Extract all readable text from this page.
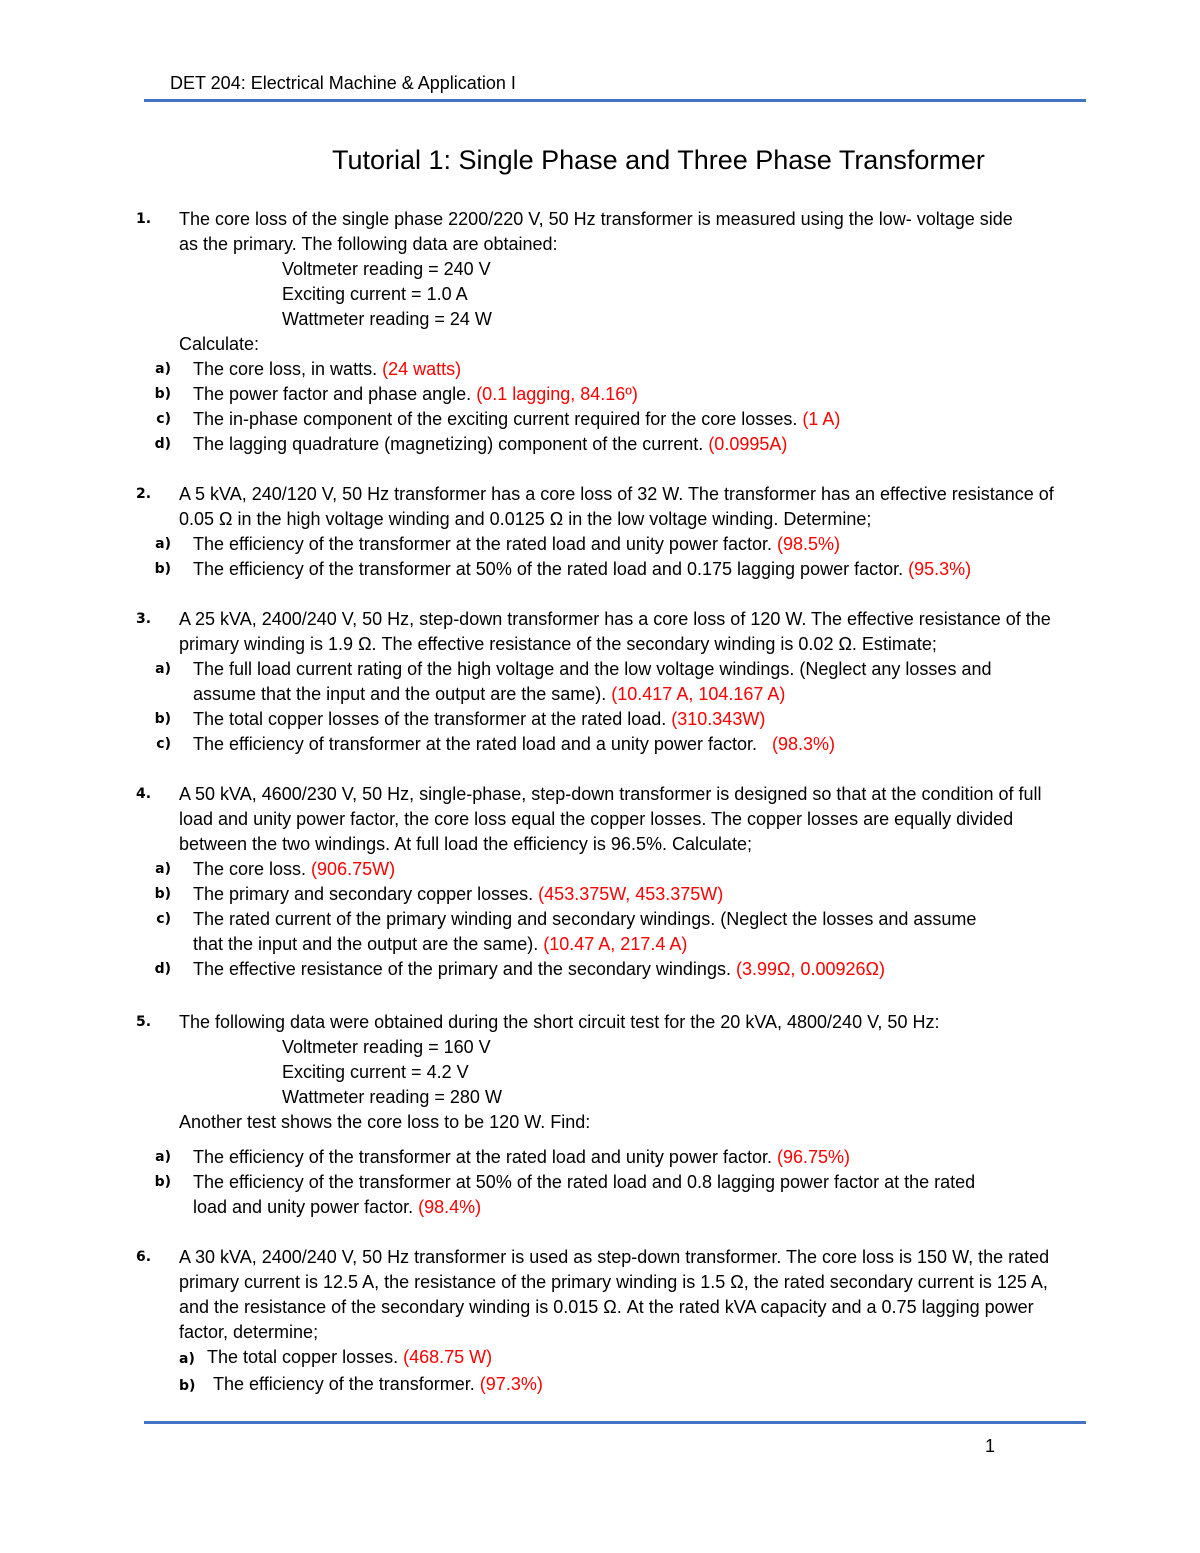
DET 204: Electrical Machine & Application I
Tutorial 1: Single Phase and Three Phase Transformer
1.	The core loss of the single phase 2200/220 V, 50 Hz transformer is measured using the low- voltage side
as the primary. The following data are obtained:
Voltmeter reading = 240 V
Exciting current = 1.0 A
Wattmeter reading = 24 W
Calculate:
a)	The core loss, in watts. (24 watts)
b)	The power factor and phase angle. (0.1 lagging, 84.16º)
c)	The in-phase component of the exciting current required for the core losses. (1 A)
d)	The lagging quadrature (magnetizing) component of the current. (0.0995A)
2.	A 5 kVA, 240/120 V, 50 Hz transformer has a core loss of 32 W. The transformer has an effective resistance of
0.05 Ω in the high voltage winding and 0.0125 Ω in the low voltage winding. Determine;
a)	The efficiency of the transformer at the rated load and unity power factor. (98.5%)
b)	The efficiency of the transformer at 50% of the rated load and 0.175 lagging power factor. (95.3%)
3.	A 25 kVA, 2400/240 V, 50 Hz, step-down transformer has a core loss of 120 W. The effective resistance of the
primary winding is 1.9 Ω. The effective resistance of the secondary winding is 0.02 Ω. Estimate;
a)	The full load current rating of the high voltage and the low voltage windings. (Neglect any losses and
assume that the input and the output are the same). (10.417 A, 104.167 A)
b)	The total copper losses of the transformer at the rated load. (310.343W)
c)	The efficiency of transformer at the rated load and a unity power factor.   (98.3%)
4.	A 50 kVA, 4600/230 V, 50 Hz, single-phase, step-down transformer is designed so that at the condition of full
load and unity power factor, the core loss equal the copper losses. The copper losses are equally divided
between the two windings. At full load the efficiency is 96.5%. Calculate;
a)	The core loss. (906.75W)
b)	The primary and secondary copper losses. (453.375W, 453.375W)
c)	The rated current of the primary winding and secondary windings. (Neglect the losses and assume
that the input and the output are the same). (10.47 A, 217.4 A)
d)	The effective resistance of the primary and the secondary windings. (3.99Ω, 0.00926Ω)
5.	The following data were obtained during the short circuit test for the 20 kVA, 4800/240 V, 50 Hz:
Voltmeter reading = 160 V
Exciting current = 4.2 V
Wattmeter reading = 280 W
Another test shows the core loss to be 120 W. Find:
a)	The efficiency of the transformer at the rated load and unity power factor. (96.75%)
b)	The efficiency of the transformer at 50% of the rated load and 0.8 lagging power factor at the rated
load and unity power factor. (98.4%)
6.	A 30 kVA, 2400/240 V, 50 Hz transformer is used as step-down transformer. The core loss is 150 W, the rated
primary current is 12.5 A, the resistance of the primary winding is 1.5 Ω, the rated secondary current is 125 A,
and the resistance of the secondary winding is 0.015 Ω. At the rated kVA capacity and a 0.75 lagging power
factor, determine;
a) The total copper losses. (468.75 W)
b) The efficiency of the transformer. (97.3%)
1
